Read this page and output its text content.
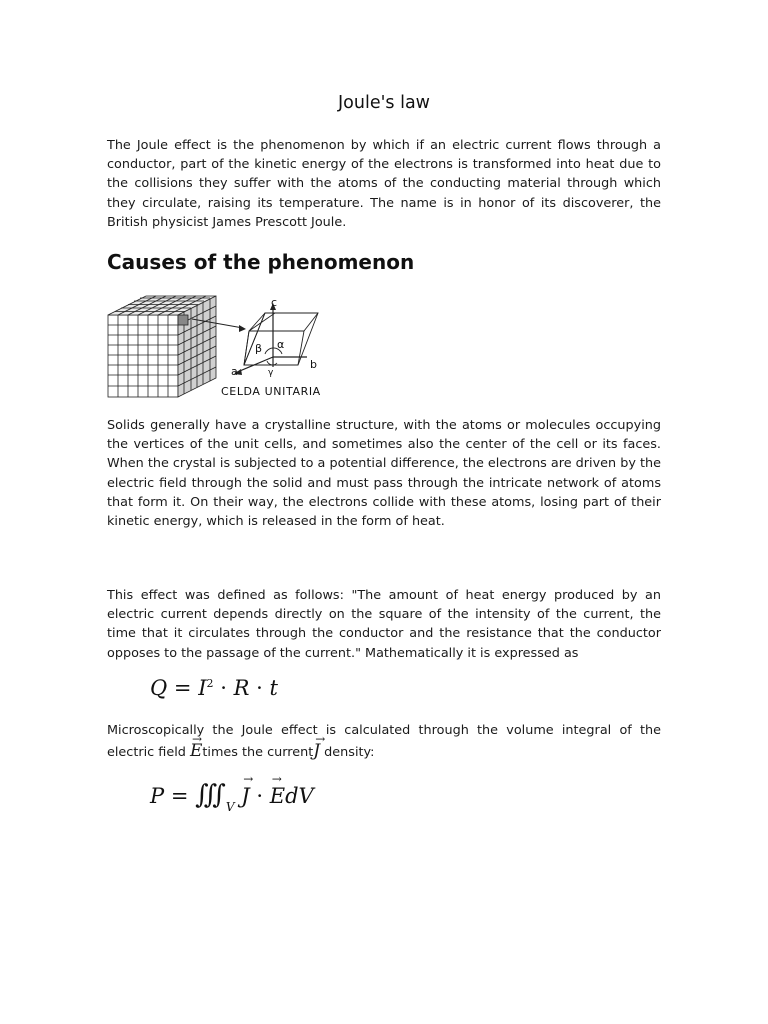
Joule's law

The Joule effect is the phenomenon by which if an electric current flows through a conductor, part of the kinetic energy of the electrons is transformed into heat due to the collisions they suffer with the atoms of the conducting material through which they circulate, raising its temperature. The name is in honor of its discoverer, the British physicist James Prescott Joule.

Causes of the phenomenon
c
β α
γ
b
a
CELDA UNITARIA

Solids generally have a crystalline structure, with the atoms or molecules occupying the vertices of the unit cells, and sometimes also the center of the cell or its faces. When the crystal is subjected to a potential difference, the electrons are driven by the electric field through the solid and must pass through the intricate network of atoms that form it. On their way, the electrons collide with these atoms, losing part of their kinetic energy, which is released in the form of heat.

This effect was defined as follows: "The amount of heat energy produced by an electric current depends directly on the square of the intensity of the current, the time that it circulates through the conductor and the resistance that the conductor opposes to the passage of the current." Mathematically it is expressed as

$Q = I^2 \cdot R \cdot t$

Microscopically the Joule effect is calculated through the volume integral of the electric field → Etimes the current→ J density:

$P = ∭_V \to J$ · → EdV
